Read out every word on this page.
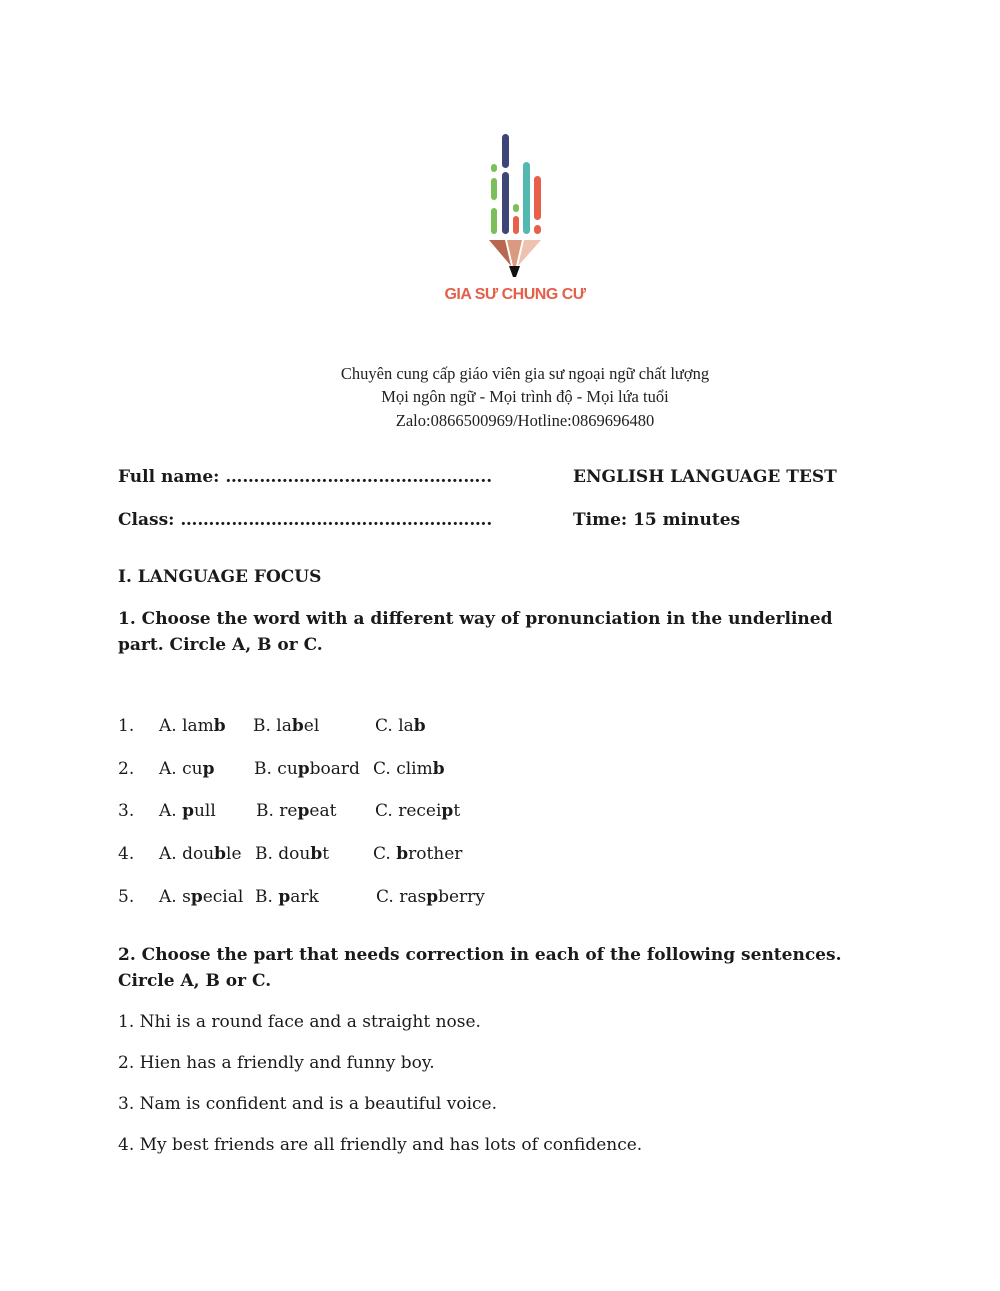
GIA SƯ CHUNG CƯ
Chuyên cung cấp giáo viên gia sư ngoại ngữ chất lượng
Mọi ngôn ngữ - Mọi trình độ - Mọi lứa tuổi
Zalo:0866500969/Hotline:0869696480
Full name: ………………………………………..	ENGLISH LANGUAGE TEST
Class: ……………………………………………….	Time: 15 minutes
I. LANGUAGE FOCUS
1. Choose the word with a different way of pronunciation in the underlined part. Circle A, B or C.
1. A. lamb B. label	C. lab
2. A. cup B. cupboard C. climb
3. A. pull B. repeat C. receipt
4. A. double B. doubt	C. brother
5. A. special B. park	C. raspberry
2. Choose the part that needs correction in each of the following sentences. Circle A, B or C.
1. Nhi is a round face and a straight nose.
2. Hien has a friendly and funny boy.
3. Nam is confident and is a beautiful voice.
4. My best friends are all friendly and has lots of confidence.
